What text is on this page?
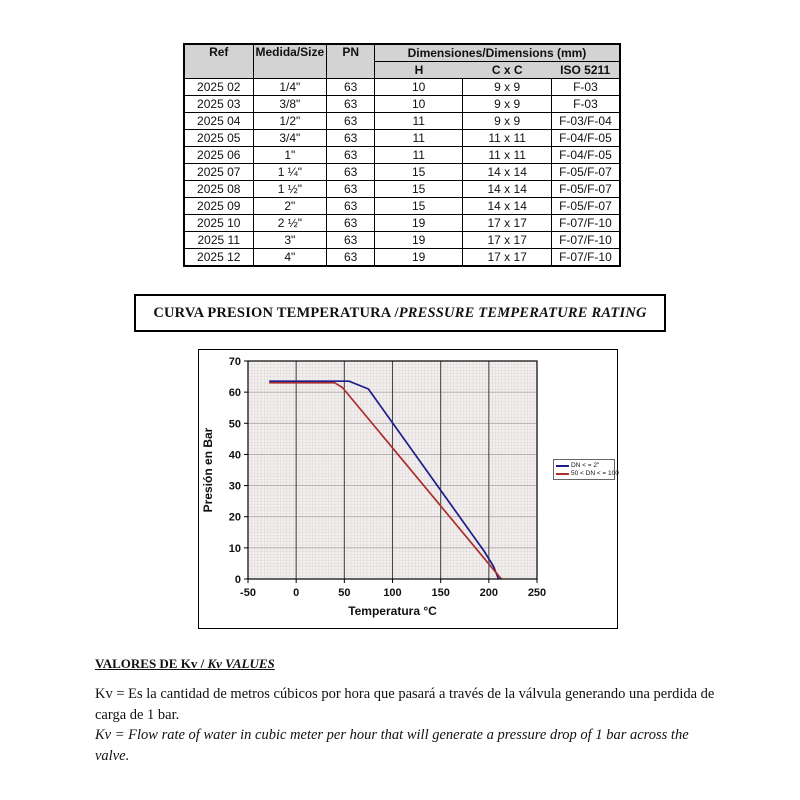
Ref	Medida/Size	PN	Dimensiones/Dimensions (mm)		
			H	C x C	ISO 5211
2025 02	1/4"	63	10	9 x 9	F-03
2025 03	3/8"	63	10	9 x 9	F-03
2025 04	1/2"	63	11	9 x 9	F-03/F-04
2025 05	3/4"	63	11	11 x 11	F-04/F-05
2025 06	1"	63	11	11 x 11	F-04/F-05
2025 07	1 ¼"	63	15	14 x 14	F-05/F-07
2025 08	1 ½"	63	15	14 x 14	F-05/F-07
2025 09	2"	63	15	14 x 14	F-05/F-07
2025 10	2 ½"	63	19	17 x 17	F-07/F-10
2025 11	3"	63	19	17 x 17	F-07/F-10
2025 12	4"	63	19	17 x 17	F-07/F-10
CURVA PRESION TEMPERATURA / PRESSURE TEMPERATURE RATING
-50	0	50	100	150	200	250
0
10
20
30
40
50
60
70
Temperatura °C
Presión en Bar	DN < = 2"
50 < DN < = 100
VALORES DE Kv / Kv VALUES
Kv = Es la cantidad de metros cúbicos por hora que pasará a través de la válvula generando una perdida de carga de 1 bar.
Kv = Flow rate of water in cubic meter per hour that will generate a pressure drop of 1 bar across the valve.
